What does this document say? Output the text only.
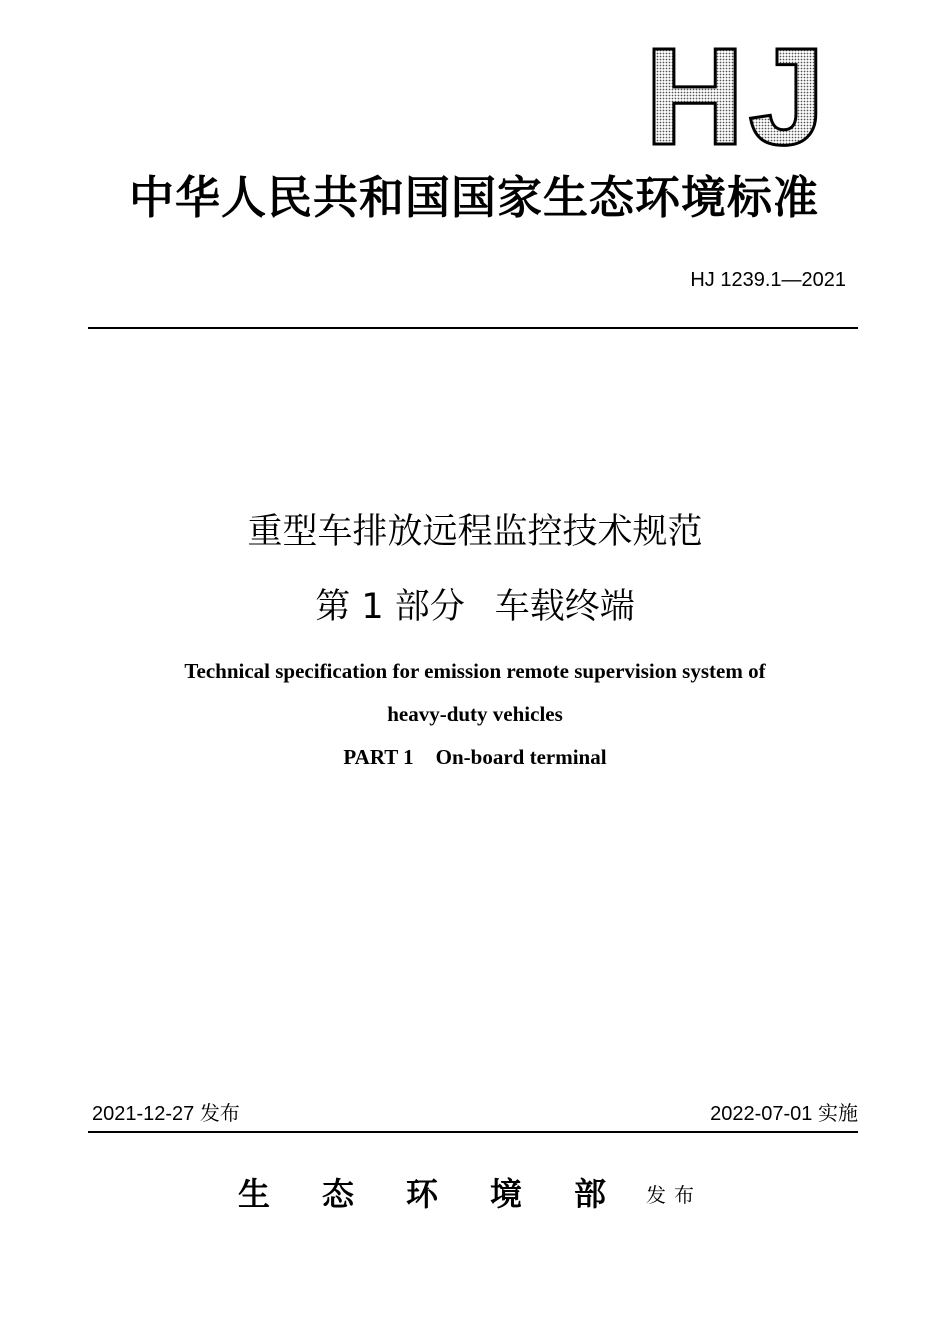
HJ
中华人民共和国国家生态环境标准
HJ 1239.1—2021
重型车排放远程监控技术规范
第 1 部分 车载终端
Technical specification for emission remote supervision system of
heavy-duty vehicles
PART 1 On-board terminal
2021-12-27 发布	2022-07-01 实施
生 态 环 境 部 发布
